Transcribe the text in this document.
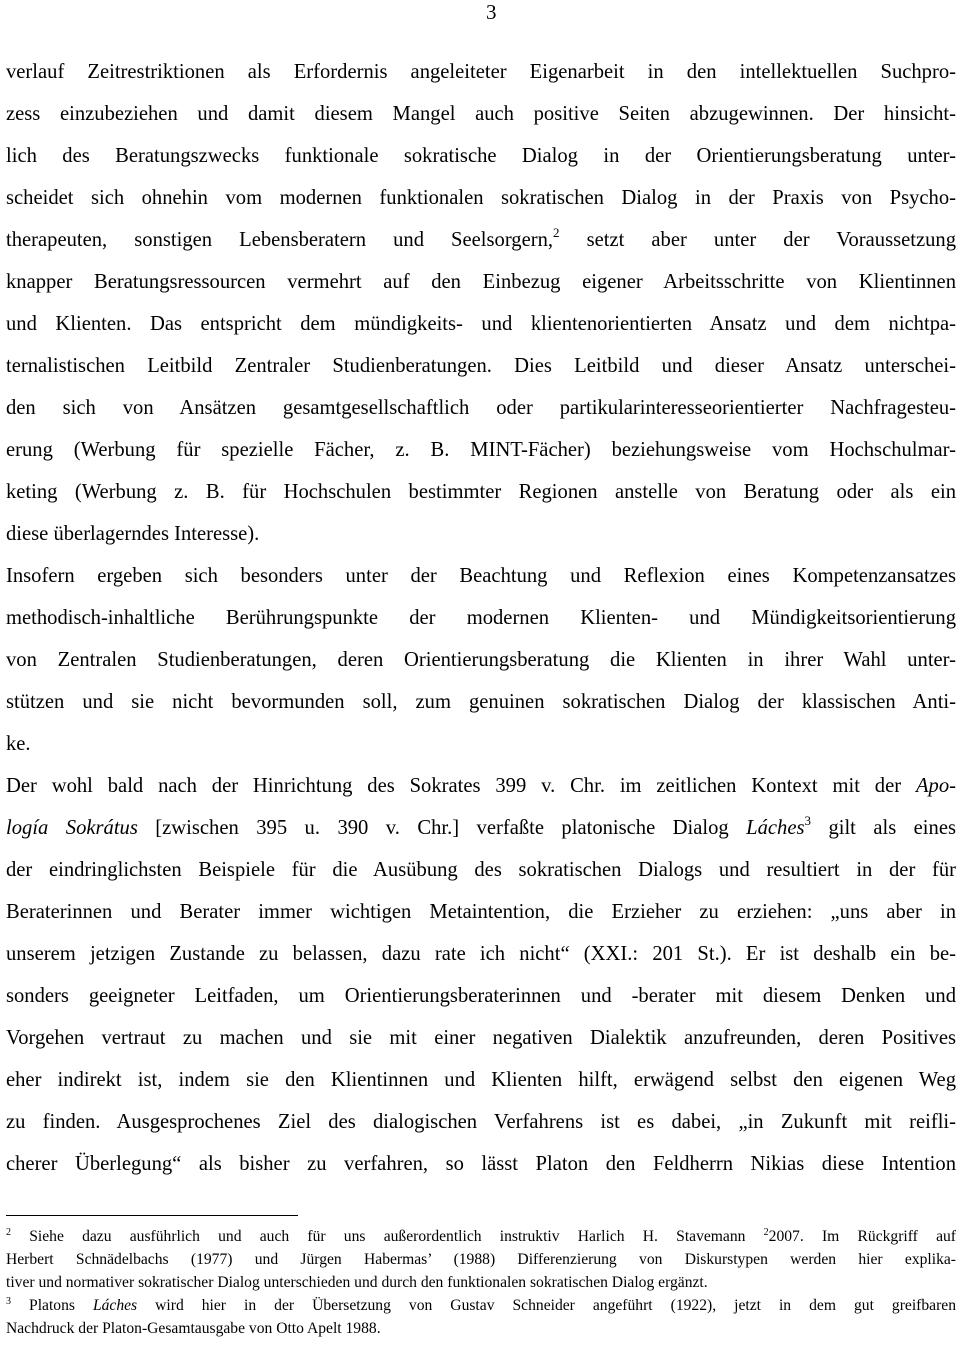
3
verlauf Zeitrestriktionen als Erfordernis angeleiteter Eigenarbeit in den intellektuellen Suchpro-
zess einzubeziehen und damit diesem Mangel auch positive Seiten abzugewinnen. Der hinsicht-
lich des Beratungszwecks funktionale sokratische Dialog in der Orientierungsberatung unter-
scheidet sich ohnehin vom modernen funktionalen sokratischen Dialog in der Praxis von Psycho-
therapeuten, sonstigen Lebensberatern und Seelsorgern,$^2$ setzt aber unter der Voraussetzung
knapper Beratungsressourcen vermehrt auf den Einbezug eigener Arbeitsschritte von Klientinnen
und Klienten. Das entspricht dem mündigkeits- und klientenorientierten Ansatz und dem nichtpa-
ternalistischen Leitbild Zentraler Studienberatungen. Dies Leitbild und dieser Ansatz unterschei-
den sich von Ansätzen gesamtgesellschaftlich oder partikularinteresseorientierter Nachfragesteu-
erung (Werbung für spezielle Fächer, z. B. MINT-Fächer) beziehungsweise vom Hochschulmar-
keting (Werbung z. B. für Hochschulen bestimmter Regionen anstelle von Beratung oder als ein
diese überlagerndes Interesse).
Insofern ergeben sich besonders unter der Beachtung und Reflexion eines Kompetenzansatzes
methodisch-inhaltliche Berührungspunkte der modernen Klienten- und Mündigkeitsorientierung
von Zentralen Studienberatungen, deren Orientierungsberatung die Klienten in ihrer Wahl unter-
stützen und sie nicht bevormunden soll, zum genuinen sokratischen Dialog der klassischen Anti-
ke.
Der wohl bald nach der Hinrichtung des Sokrates 399 v. Chr. im zeitlichen Kontext mit der Apo-
logía Sokrátus [zwischen 395 u. 390 v. Chr.] verfaßte platonische Dialog Láches$^3$ gilt als eines
der eindringlichsten Beispiele für die Ausübung des sokratischen Dialogs und resultiert in der für
Beraterinnen und Berater immer wichtigen Metaintention, die Erzieher zu erziehen: „uns aber in
unserem jetzigen Zustande zu belassen, dazu rate ich nicht“ (XXI.: 201 St.). Er ist deshalb ein be-
sonders geeigneter Leitfaden, um Orientierungsberaterinnen und -berater mit diesem Denken und
Vorgehen vertraut zu machen und sie mit einer negativen Dialektik anzufreunden, deren Positives
eher indirekt ist, indem sie den Klientinnen und Klienten hilft, erwägend selbst den eigenen Weg
zu finden. Ausgesprochenes Ziel des dialogischen Verfahrens ist es dabei, „in Zukunft mit reifli-
cherer Überlegung“ als bisher zu verfahren, so lässt Platon den Feldherrn Nikias diese Intention
$^2$ Siehe dazu ausführlich und auch für uns außerordentlich instruktiv Harlich H. Stavemann $^2$2007. Im Rückgriff auf
Herbert Schnädelbachs (1977) und Jürgen Habermas’ (1988) Differenzierung von Diskurstypen werden hier explika-
tiver und normativer sokratischer Dialog unterschieden und durch den funktionalen sokratischen Dialog ergänzt.
$^3$ Platons Láches wird hier in der Übersetzung von Gustav Schneider angeführt (1922), jetzt in dem gut greifbaren
Nachdruck der Platon-Gesamtausgabe von Otto Apelt 1988.
